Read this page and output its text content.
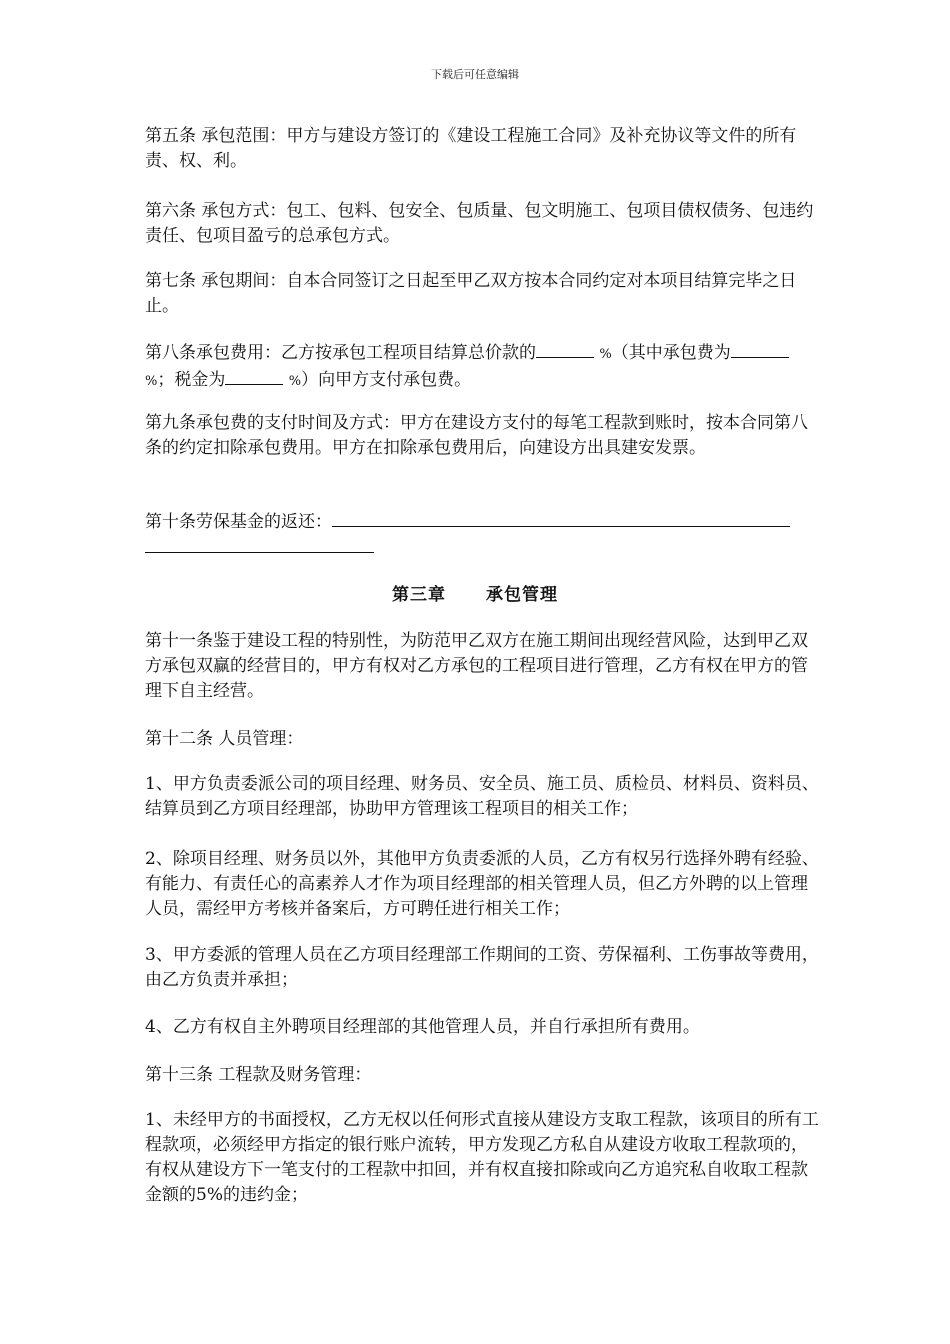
下载后可任意编辑

第五条 承包范围：甲方与建设方签订的《建设工程施工合同》及补充协议等文件的所有责、权、利。

第六条 承包方式：包工、包料、包安全、包质量、包文明施工、包项目债权债务、包违约责任、包项目盈亏的总承包方式。

第七条 承包期间：自本合同签订之日起至甲乙双方按本合同约定对本项目结算完毕之日止。

第八条承包费用：乙方按承包工程项目结算总价款的	%（其中承包费为 %；税金为	%）向甲方支付承包费。

第九条承包费的支付时间及方式：甲方在建设方支付的每笔工程款到账时，按本合同第八条的约定扣除承包费用。甲方在扣除承包费用后，向建设方出具建安发票。

第十条劳保基金的返还：

第三章 承包管理

第十一条鉴于建设工程的特别性，为防范甲乙双方在施工期间出现经营风险，达到甲乙双方承包双赢的经营目的，甲方有权对乙方承包的工程项目进行管理，乙方有权在甲方的管理下自主经营。

第十二条 人员管理：

1、甲方负责委派公司的项目经理、财务员、安全员、施工员、质检员、材料员、资料员、结算员到乙方项目经理部，协助甲方管理该工程项目的相关工作；

2、除项目经理、财务员以外，其他甲方负责委派的人员，乙方有权另行选择外聘有经验、有能力、有责任心的高素养人才作为项目经理部的相关管理人员，但乙方外聘的以上管理人员，需经甲方考核并备案后，方可聘任进行相关工作；

3、甲方委派的管理人员在乙方项目经理部工作期间的工资、劳保福利、工伤事故等费用，由乙方负责并承担；

4、乙方有权自主外聘项目经理部的其他管理人员，并自行承担所有费用。

第十三条 工程款及财务管理：

1、未经甲方的书面授权，乙方无权以任何形式直接从建设方支取工程款，该项目的所有工程款项，必须经甲方指定的银行账户流转，甲方发现乙方私自从建设方收取工程款项的，有权从建设方下一笔支付的工程款中扣回，并有权直接扣除或向乙方追究私自收取工程款金额的5%的违约金；
